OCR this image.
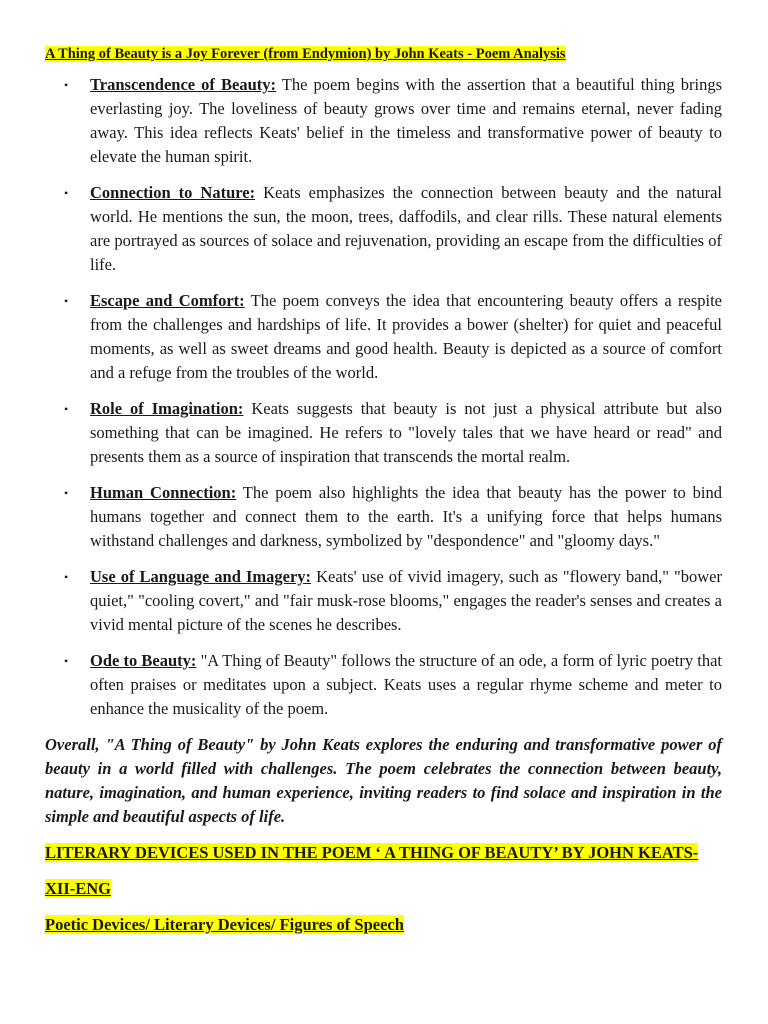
A Thing of Beauty is a Joy Forever (from Endymion) by John Keats - Poem Analysis

• Transcendence of Beauty: The poem begins with the assertion that a beautiful thing brings everlasting joy. The loveliness of beauty grows over time and remains eternal, never fading away. This idea reflects Keats' belief in the timeless and transformative power of beauty to elevate the human spirit.
• Connection to Nature: Keats emphasizes the connection between beauty and the natural world. He mentions the sun, the moon, trees, daffodils, and clear rills. These natural elements are portrayed as sources of solace and rejuvenation, providing an escape from the difficulties of life.
• Escape and Comfort: The poem conveys the idea that encountering beauty offers a respite from the challenges and hardships of life. It provides a bower (shelter) for quiet and peaceful moments, as well as sweet dreams and good health. Beauty is depicted as a source of comfort and a refuge from the troubles of the world.
• Role of Imagination: Keats suggests that beauty is not just a physical attribute but also something that can be imagined. He refers to "lovely tales that we have heard or read" and presents them as a source of inspiration that transcends the mortal realm.
• Human Connection: The poem also highlights the idea that beauty has the power to bind humans together and connect them to the earth. It's a unifying force that helps humans withstand challenges and darkness, symbolized by "despondence" and "gloomy days."
• Use of Language and Imagery: Keats' use of vivid imagery, such as "flowery band," "bower quiet," "cooling covert," and "fair musk-rose blooms," engages the reader's senses and creates a vivid mental picture of the scenes he describes.
• Ode to Beauty: "A Thing of Beauty" follows the structure of an ode, a form of lyric poetry that often praises or meditates upon a subject. Keats uses a regular rhyme scheme and meter to enhance the musicality of the poem.

Overall, "A Thing of Beauty" by John Keats explores the enduring and transformative power of beauty in a world filled with challenges. The poem celebrates the connection between beauty, nature, imagination, and human experience, inviting readers to find solace and inspiration in the simple and beautiful aspects of life.

LITERARY DEVICES USED IN THE POEM ‘ A THING OF BEAUTY’ BY JOHN KEATS-

XII-ENG

Poetic Devices/ Literary Devices/ Figures of Speech
